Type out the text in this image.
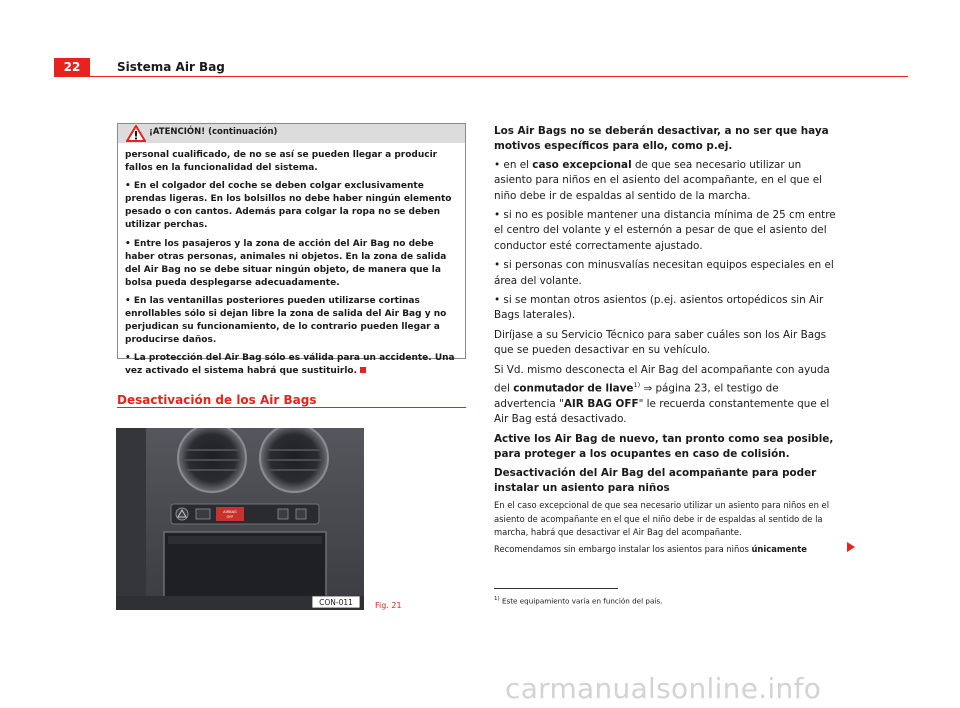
22	Sistema Air Bag
¡ATENCIÓN! (continuación)

personal cualificado, de no se así se pueden llegar a producir fallos en la funcionalidad del sistema.

• En el colgador del coche se deben colgar exclusivamente prendas ligeras. En los bolsillos no debe haber ningún elemento pesado o con cantos. Además para colgar la ropa no se deben utilizar perchas.

• Entre los pasajeros y la zona de acción del Air Bag no debe haber otras personas, animales ni objetos. En la zona de salida del Air Bag no se debe situar ningún objeto, de manera que la bolsa pueda desplegarse adecuadamente.

• En las ventanillas posteriores pueden utilizarse cortinas enrollables sólo si dejan libre la zona de salida del Air Bag y no perjudican su funcionamiento, de lo contrario pueden llegar a producirse daños.

• La protección del Air Bag sólo es válida para un accidente. Una vez activado el sistema habrá que sustituirlo.

Desactivación de los Air Bags
AIRBAG
OFF
CON-011	Fig. 21

Los Air Bags no se deberán desactivar, a no ser que haya motivos específicos para ello, como p.ej.

• en el caso excepcional de que sea necesario utilizar un asiento para niños en el asiento del acompañante, en el que el niño debe ir de espaldas al sentido de la marcha.

• si no es posible mantener una distancia mínima de 25 cm entre el centro del volante y el esternón a pesar de que el asiento del conductor esté correctamente ajustado.

• si personas con minusvalías necesitan equipos especiales en el área del volante.

• si se montan otros asientos (p.ej. asientos ortopédicos sin Air Bags laterales).

Diríjase a su Servicio Técnico para saber cuáles son los Air Bags que se pueden desactivar en su vehículo.

Si Vd. mismo desconecta el Air Bag del acompañante con ayuda del conmutador de llave$^{1)}$ ⇒ página 23, el testigo de advertencia "AIR BAG OFF" le recuerda constantemente que el Air Bag está desactivado.

Active los Air Bag de nuevo, tan pronto como sea posible, para proteger a los ocupantes en caso de colisión.

Desactivación del Air Bag del acompañante para poder instalar un asiento para niños

En el caso excepcional de que sea necesario utilizar un asiento para niños en el asiento de acompañante en el que el niño debe ir de espaldas al sentido de la marcha, habrá que desactivar el Air Bag del acompañante.

Recomendamos sin embargo instalar los asientos para niños únicamente

$^{1)}$ Este equipamiento varía en función del país.
carmanualsonline.info
